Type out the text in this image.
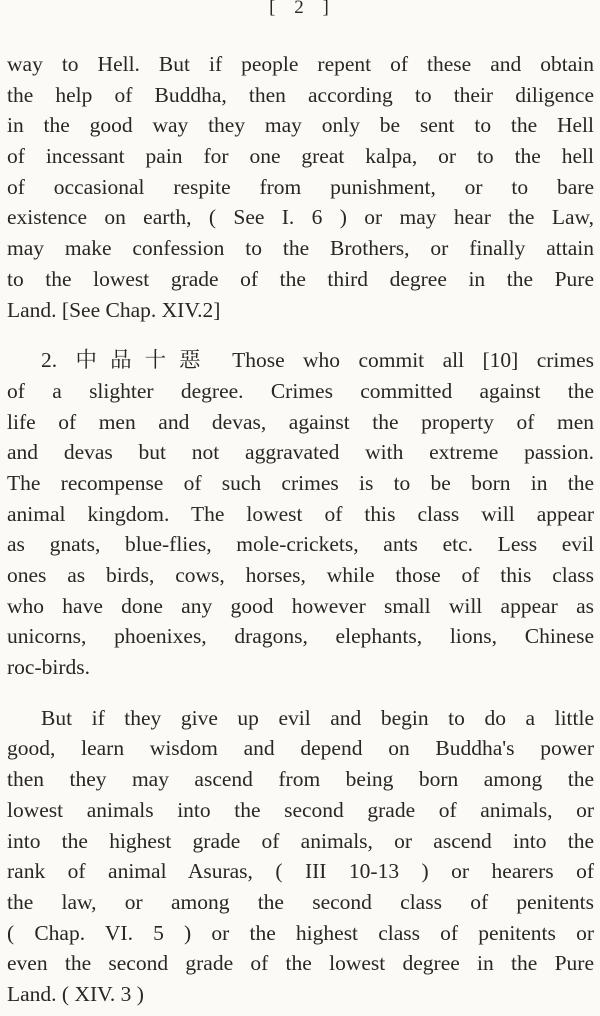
[ 2 ]
way to Hell. But if people repent of these and obtain
the help of Buddha, then according to their diligence
in the good way they may only be sent to the Hell
of incessant pain for one great kalpa, or to the hell
of occasional respite from punishment, or to bare
existence on earth, ( See I. 6 ) or may hear the Law,
may make confession to the Brothers, or finally attain
to the lowest grade of the third degree in the Pure
Land. [See Chap. XIV.2]
2. 中品十惡 Those who commit all [10] crimes
of a slighter degree. Crimes committed against the
life of men and devas, against the property of men
and devas but not aggravated with extreme passion.
The recompense of such crimes is to be born in the
animal kingdom. The lowest of this class will appear
as gnats, blue-flies, mole-crickets, ants etc. Less evil
ones as birds, cows, horses, while those of this class
who have done any good however small will appear as
unicorns, phoenixes, dragons, elephants, lions, Chinese
roc-birds.
But if they give up evil and begin to do a little
good, learn wisdom and depend on Buddha's power
then they may ascend from being born among the
lowest animals into the second grade of animals, or
into the highest grade of animals, or ascend into the
rank of animal Asuras, ( III 10-13 ) or hearers of
the law, or among the second class of penitents
( Chap. VI. 5 ) or the highest class of penitents or
even the second grade of the lowest degree in the Pure
Land. ( XIV. 3 )
